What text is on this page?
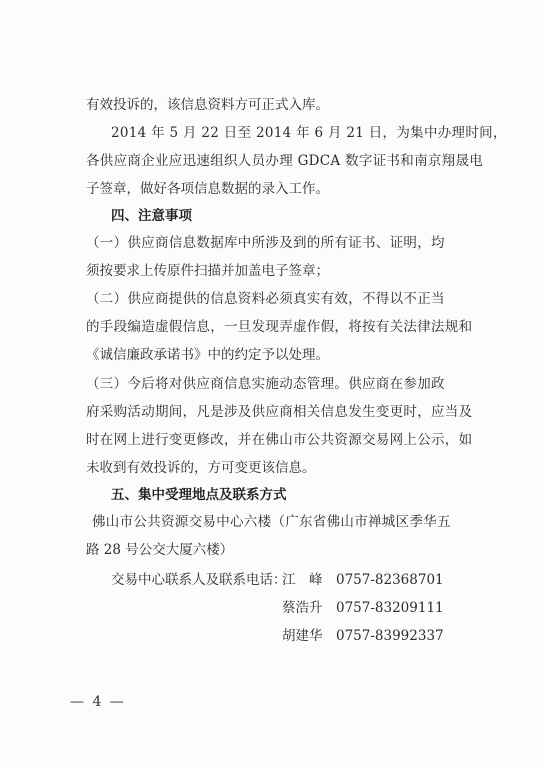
有效投诉的，该信息资料方可正式入库。
2014 年 5 月 22 日至 2014 年 6 月 21 日，为集中办理时间，
各供应商企业应迅速组织人员办理 GDCA 数字证书和南京翔晟电
子签章，做好各项信息数据的录入工作。
四、注意事项
（一）供应商信息数据库中所涉及到的所有证书、证明，均
须按要求上传原件扫描并加盖电子签章；
（二）供应商提供的信息资料必须真实有效，不得以不正当
的手段编造虚假信息，一旦发现弄虚作假，将按有关法律法规和
《诚信廉政承诺书》中的约定予以处理。
（三）今后将对供应商信息实施动态管理。供应商在参加政
府采购活动期间，凡是涉及供应商相关信息发生变更时，应当及
时在网上进行变更修改，并在佛山市公共资源交易网上公示，如
未收到有效投诉的，方可变更该信息。
五、集中受理地点及联系方式
佛山市公共资源交易中心六楼（广东省佛山市禅城区季华五
路 28 号公交大厦六楼）
交易中心联系人及联系电话：
江　峰 0757-82368701
蔡浩升 0757-83209111
胡建华 0757-83992337
— 4 —
